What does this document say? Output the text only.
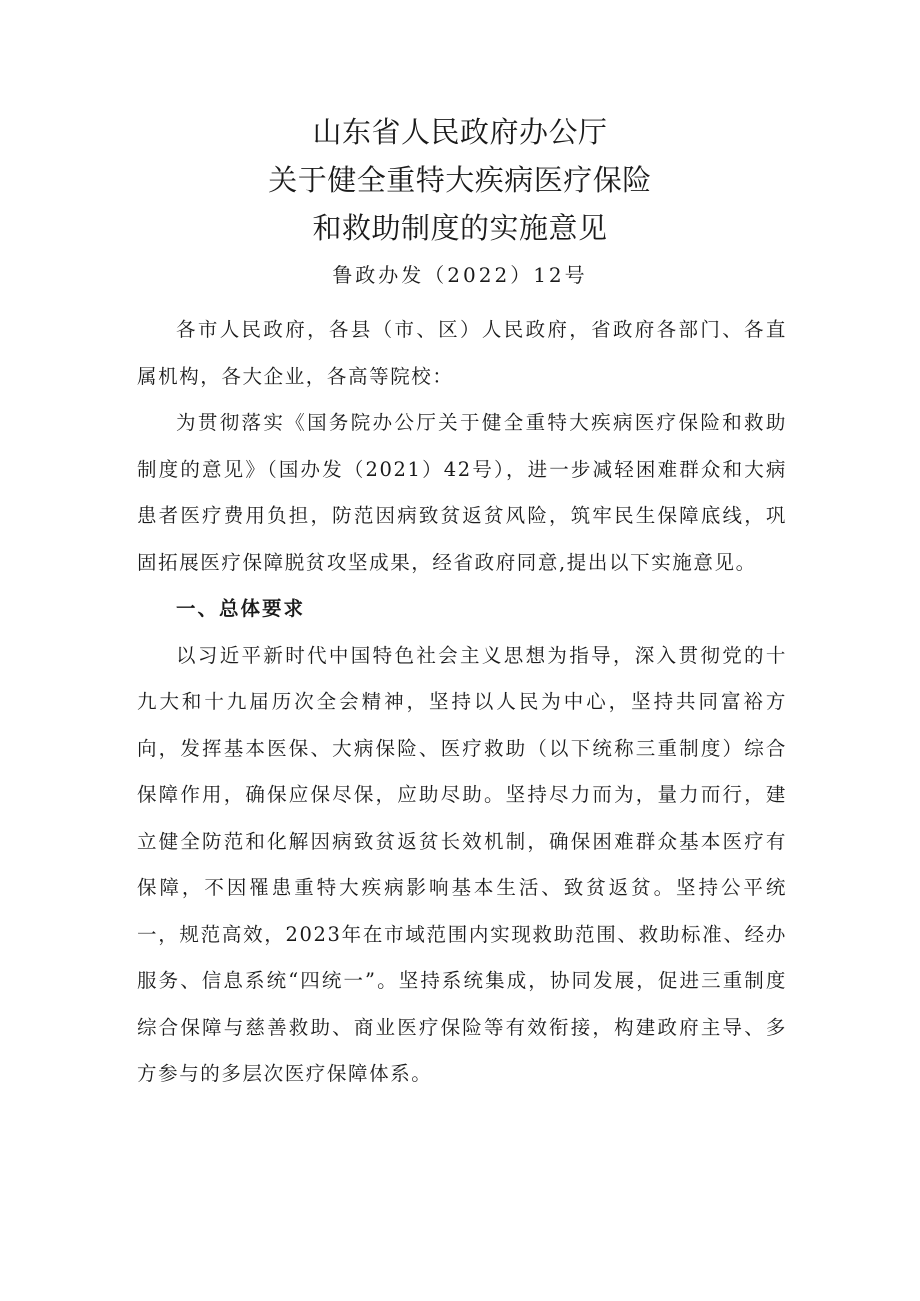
山东省人民政府办公厅
关于健全重特大疾病医疗保险
和救助制度的实施意见
鲁政办发（2022）12号

各市人民政府，各县（市、区）人民政府，省政府各部门、各直属机构，各大企业，各高等院校：

为贯彻落实《国务院办公厅关于健全重特大疾病医疗保险和救助制度的意见》（国办发（2021）42号），进一步减轻困难群众和大病患者医疗费用负担，防范因病致贫返贫风险，筑牢民生保障底线，巩固拓展医疗保障脱贫攻坚成果，经省政府同意,提出以下实施意见。

一、总体要求

以习近平新时代中国特色社会主义思想为指导，深入贯彻党的十九大和十九届历次全会精神，坚持以人民为中心，坚持共同富裕方向，发挥基本医保、大病保险、医疗救助（以下统称三重制度）综合保障作用，确保应保尽保，应助尽助。坚持尽力而为，量力而行，建立健全防范和化解因病致贫返贫长效机制，确保困难群众基本医疗有保障，不因罹患重特大疾病影响基本生活、致贫返贫。坚持公平统一，规范高效，2023年在市域范围内实现救助范围、救助标准、经办服务、信息系统“四统一”。坚持系统集成，协同发展，促进三重制度综合保障与慈善救助、商业医疗保险等有效衔接，构建政府主导、多方参与的多层次医疗保障体系。
